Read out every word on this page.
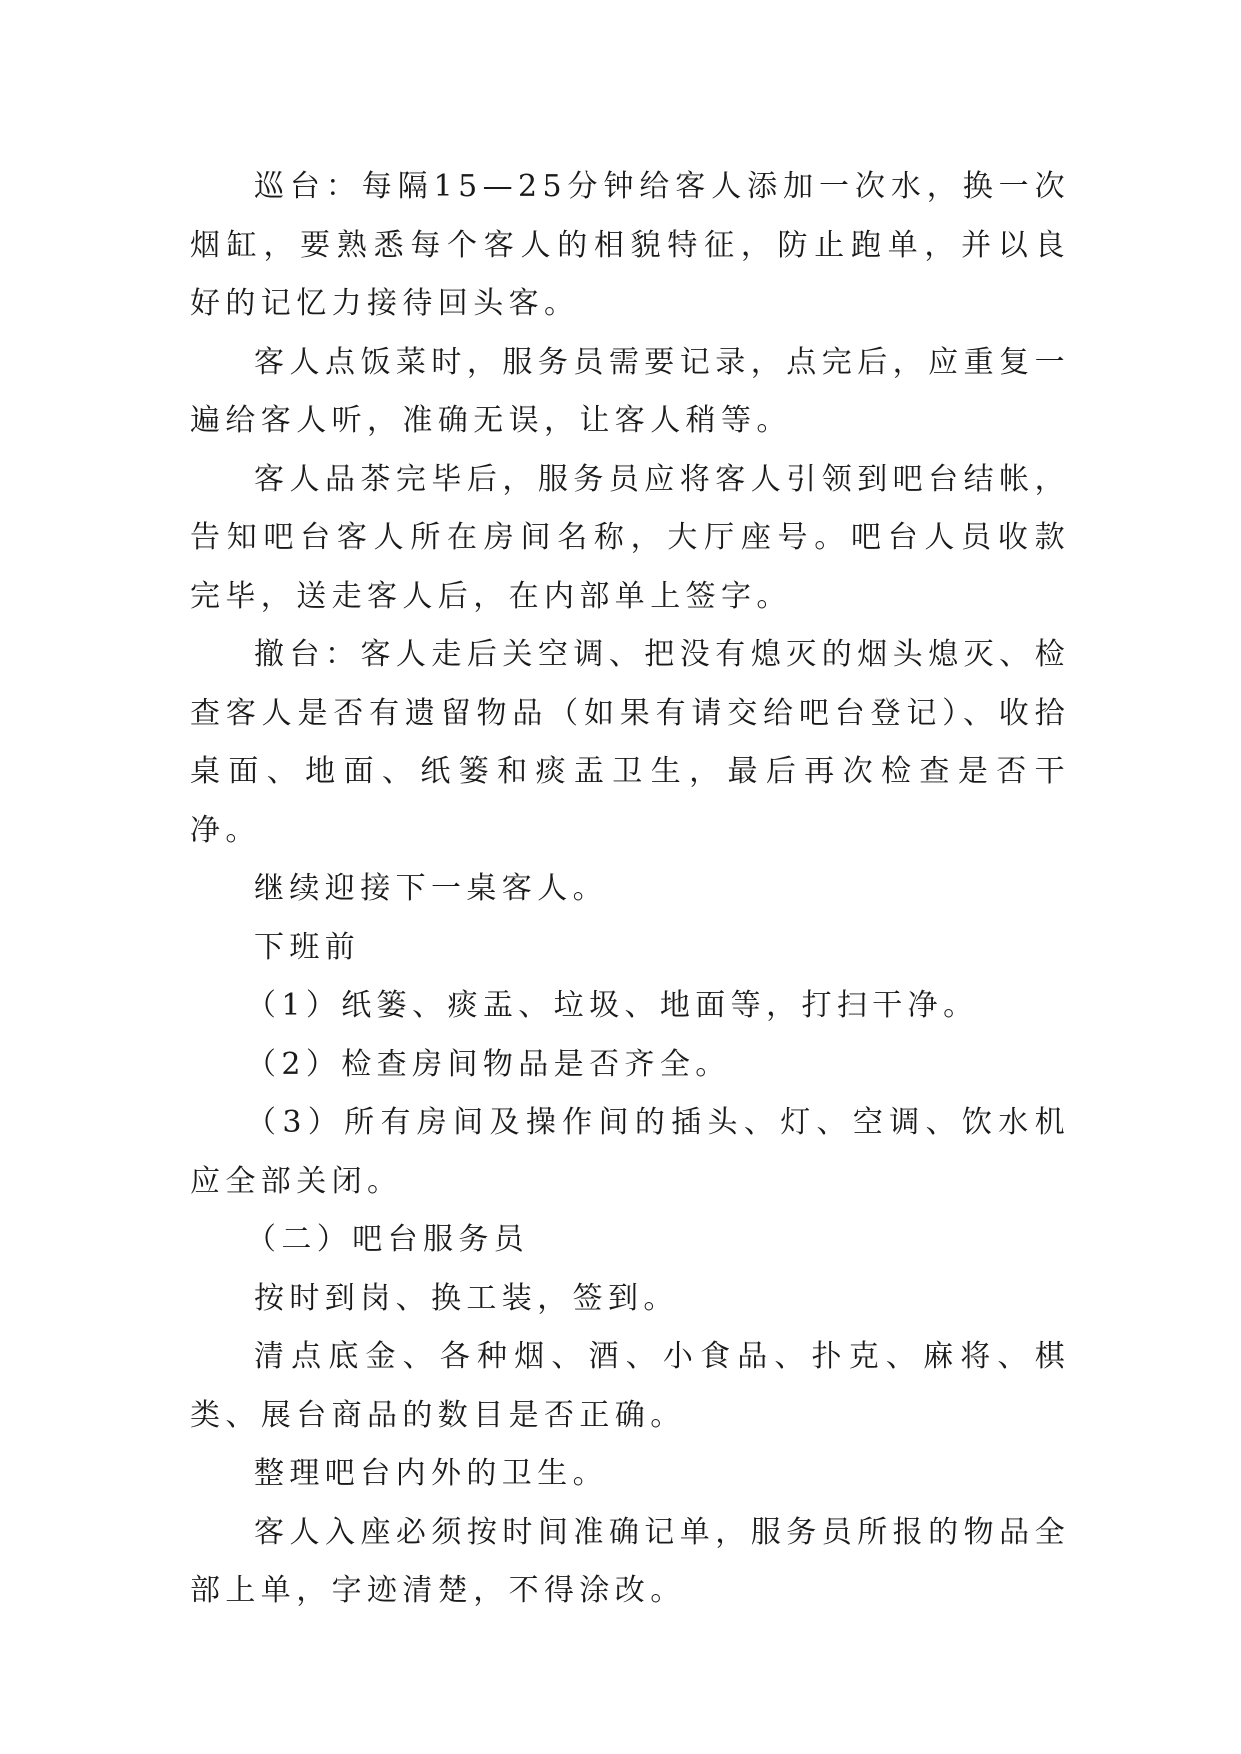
巡台：每隔15—25分钟给客人添加一次水，换一次烟缸，要熟悉每个客人的相貌特征，防止跑单，并以良好的记忆力接待回头客。

客人点饭菜时，服务员需要记录，点完后，应重复一遍给客人听，准确无误，让客人稍等。

客人品茶完毕后，服务员应将客人引领到吧台结帐，告知吧台客人所在房间名称，大厅座号。吧台人员收款完毕，送走客人后，在内部单上签字。

撤台：客人走后关空调、把没有熄灭的烟头熄灭、检查客人是否有遗留物品（如果有请交给吧台登记）、收拾桌面、地面、纸篓和痰盂卫生，最后再次检查是否干净。

继续迎接下一桌客人。

下班前

（1）纸篓、痰盂、垃圾、地面等，打扫干净。

（2）检查房间物品是否齐全。

（3）所有房间及操作间的插头、灯、空调、饮水机应全部关闭。

（二）吧台服务员

按时到岗、换工装，签到。

清点底金、各种烟、酒、小食品、扑克、麻将、棋类、展台商品的数目是否正确。

整理吧台内外的卫生。

客人入座必须按时间准确记单，服务员所报的物品全部上单，字迹清楚，不得涂改。
